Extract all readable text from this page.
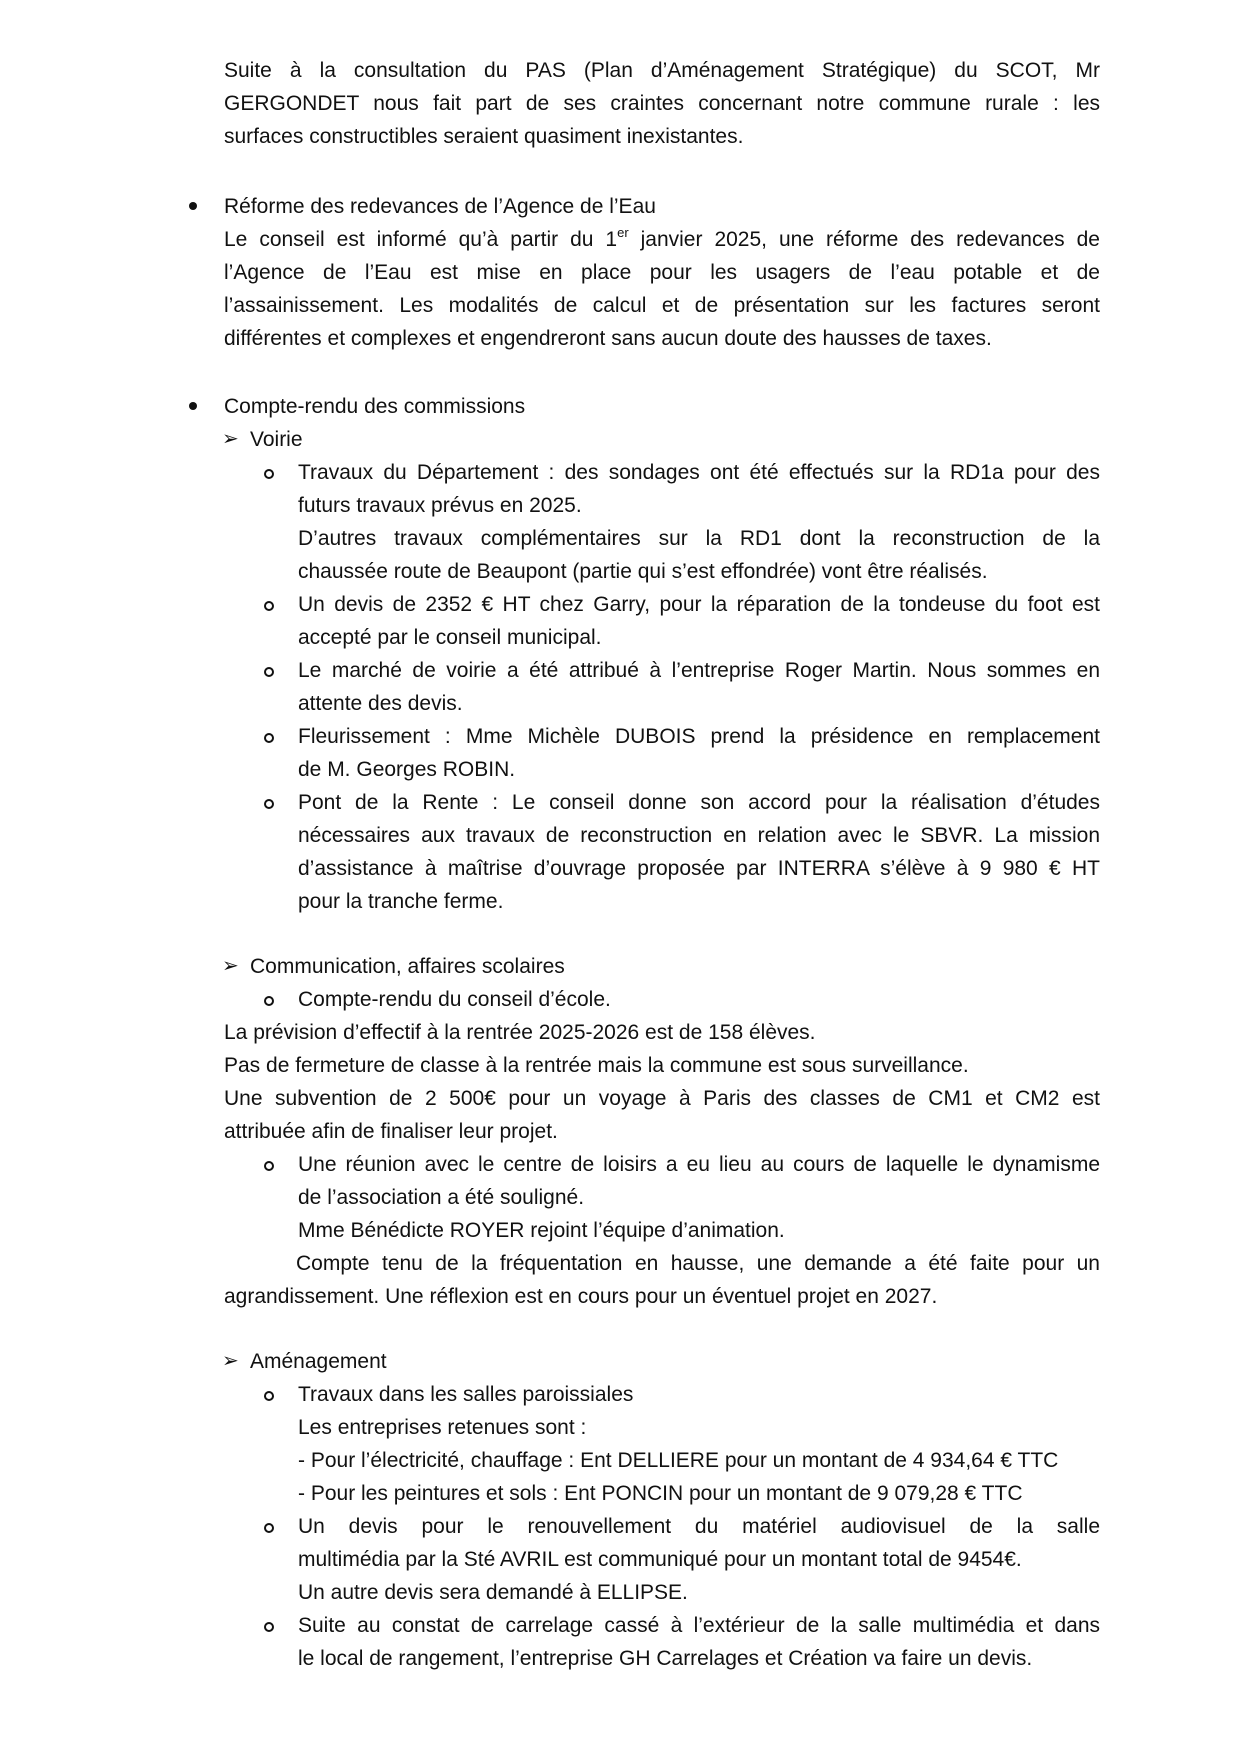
Suite à la consultation du PAS (Plan d’Aménagement Stratégique) du SCOT, Mr
GERGONDET nous fait part de ses craintes concernant notre commune rurale : les
surfaces constructibles seraient quasiment inexistantes.
Réforme des redevances de l’Agence de l’Eau
Le conseil est informé qu’à partir du 1er janvier 2025, une réforme des redevances de
l’Agence de l’Eau est mise en place pour les usagers de l’eau potable et de
l’assainissement. Les modalités de calcul et de présentation sur les factures seront
différentes et complexes et engendreront sans aucun doute des hausses de taxes.
Compte-rendu des commissions
➢ Voirie
Travaux du Département : des sondages ont été effectués sur la RD1a pour des
futurs travaux prévus en 2025.
D’autres travaux complémentaires sur la RD1 dont la reconstruction de la
chaussée route de Beaupont (partie qui s’est effondrée) vont être réalisés.
Un devis de 2352 € HT chez Garry, pour la réparation de la tondeuse du foot est
accepté par le conseil municipal.
Le marché de voirie a été attribué à l’entreprise Roger Martin. Nous sommes en
attente des devis.
Fleurissement : Mme Michèle DUBOIS prend la présidence en remplacement
de M. Georges ROBIN.
Pont de la Rente : Le conseil donne son accord pour la réalisation d’études
nécessaires aux travaux de reconstruction en relation avec le SBVR. La mission
d’assistance à maîtrise d’ouvrage proposée par INTERRA s’élève à 9 980 € HT
pour la tranche ferme.
➢ Communication, affaires scolaires
Compte-rendu du conseil d’école.
La prévision d’effectif à la rentrée 2025-2026 est de 158 élèves.
Pas de fermeture de classe à la rentrée mais la commune est sous surveillance.
Une subvention de 2 500€ pour un voyage à Paris des classes de CM1 et CM2 est
attribuée afin de finaliser leur projet.
Une réunion avec le centre de loisirs a eu lieu au cours de laquelle le dynamisme
de l’association a été souligné.
Mme Bénédicte ROYER rejoint l’équipe d’animation.
Compte tenu de la fréquentation en hausse, une demande a été faite pour un
agrandissement. Une réflexion est en cours pour un éventuel projet en 2027.
➢ Aménagement
Travaux dans les salles paroissiales
Les entreprises retenues sont :
- Pour l’électricité, chauffage : Ent DELLIERE pour un montant de 4 934,64 € TTC
- Pour les peintures et sols : Ent PONCIN pour un montant de 9 079,28 € TTC
Un devis pour le renouvellement du matériel audiovisuel de la salle
multimédia par la Sté AVRIL est communiqué pour un montant total de 9454€.
Un autre devis sera demandé à ELLIPSE.
Suite au constat de carrelage cassé à l’extérieur de la salle multimédia et dans
le local de rangement, l’entreprise GH Carrelages et Création va faire un devis.
